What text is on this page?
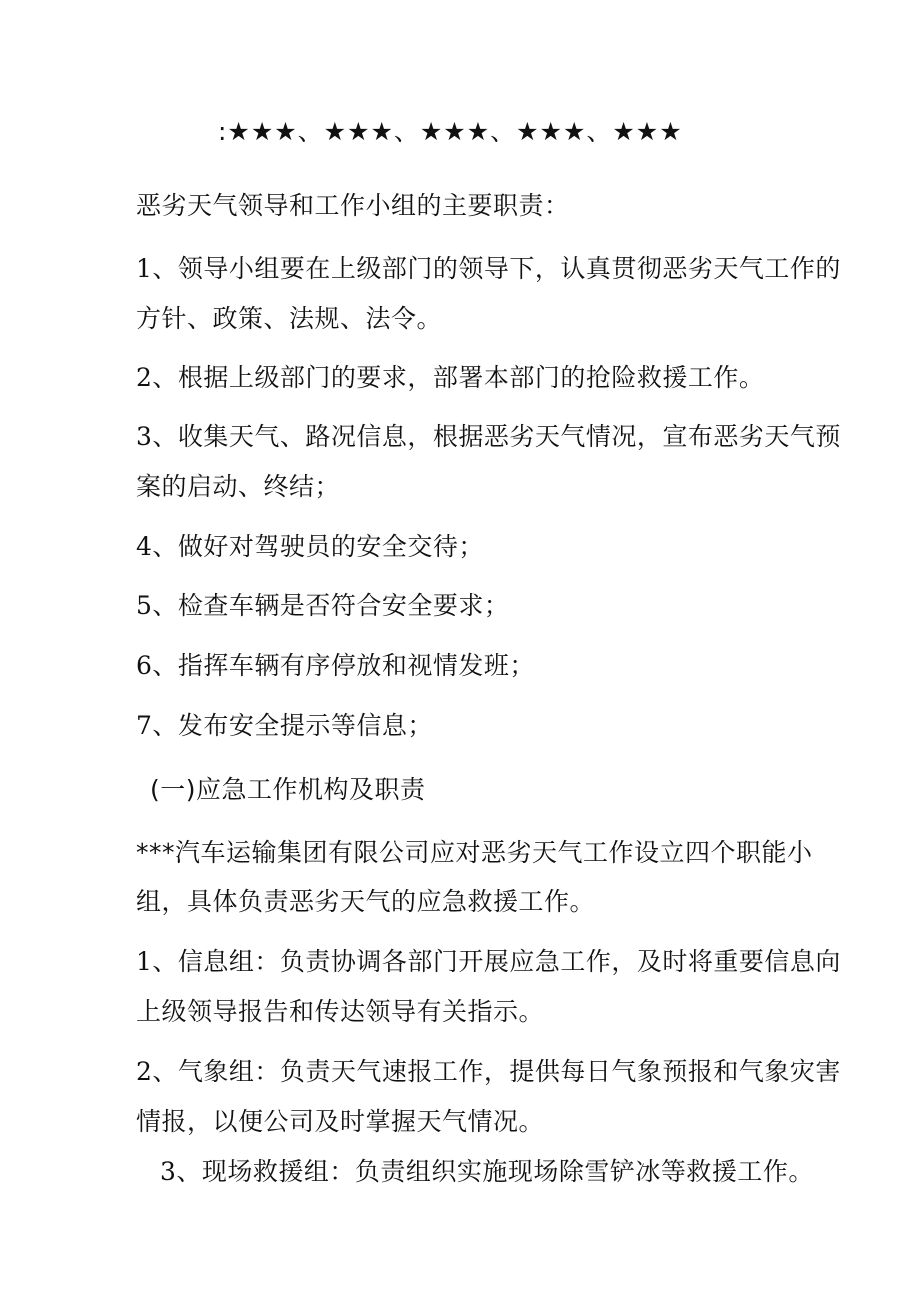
:★★★、★★★、★★★、★★★、★★★
恶劣天气领导和工作小组的主要职责：
1、领导小组要在上级部门的领导下，认真贯彻恶劣天气工作的
方针、政策、法规、法令。
2、根据上级部门的要求，部署本部门的抢险救援工作。
3、收集天气、路况信息，根据恶劣天气情况，宣布恶劣天气预
案的启动、终结；
4、做好对驾驶员的安全交待；
5、检查车辆是否符合安全要求；
6、指挥车辆有序停放和视情发班；
7、发布安全提示等信息；
(一)应急工作机构及职责
***汽车运输集团有限公司应对恶劣天气工作设立四个职能小
组，具体负责恶劣天气的应急救援工作。
1、信息组：负责协调各部门开展应急工作，及时将重要信息向
上级领导报告和传达领导有关指示。
2、气象组：负责天气速报工作，提供每日气象预报和气象灾害
情报，以便公司及时掌握天气情况。
3、现场救援组：负责组织实施现场除雪铲冰等救援工作。
